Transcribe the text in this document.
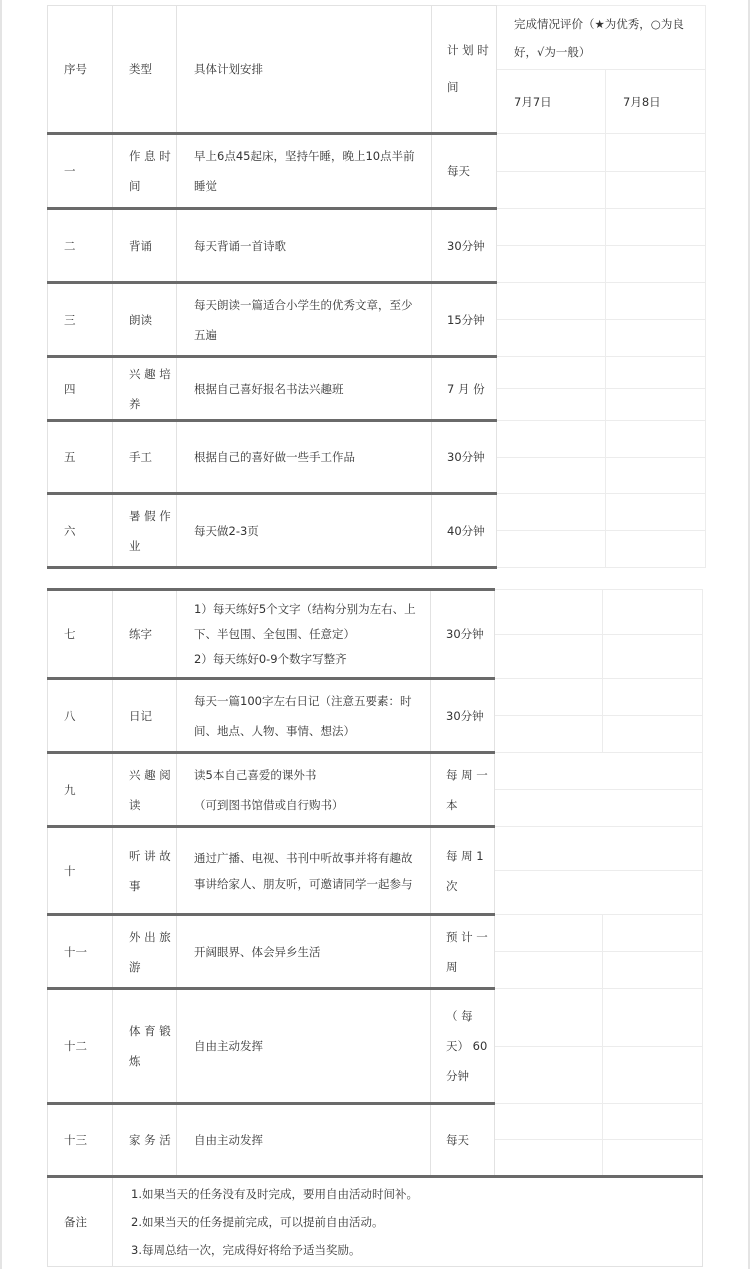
序号	类型	具体计划安排	计 划 时间	完成情况评价（★为优秀，○为良好，√为一般）	
				7月7日	7月8日
一	作 息 时间	早上6点45起床，坚持午睡，晚上10点半前睡觉	每天	

二	背诵	每天背诵一首诗歌	30分钟	

三	朗读	每天朗读一篇适合小学生的优秀文章，至少五遍	15分钟	

四	兴 趣 培养	根据自己喜好报名书法兴趣班	7 月 份	

五	手工	根据自己的喜好做一些手工作品	30分钟	

六	暑 假 作业	每天做2-3页	40分钟	

七	练字	1）每天练好5个文字（结构分别为左右、上下、半包围、全包围、任意定）
2）每天练好0-9个数字写整齐	30分钟	

八	日记	每天一篇100字左右日记（注意五要素：时间、地点、人物、事情、想法）	30分钟	

九	兴 趣 阅读	读5本自己喜爱的课外书
（可到图书馆借或自行购书）	每 周 一本		

十	听 讲 故事	通过广播、电视、书刊中听故事并将有趣故事讲给家人、朋友听，可邀请同学一起参与	每 周 1次		

十一	外 出 旅游	开阔眼界、体会异乡生活	预 计 一周	

十二	体 育 锻炼	自由主动发挥	（ 每 天） 60 分钟	

十三	家 务 活	自由主动发挥	每天	

备注	1.如果当天的任务没有及时完成，要用自由活动时间补。
2.如果当天的任务提前完成，可以提前自由活动。
3.每周总结一次，完成得好将给予适当奖励。				
